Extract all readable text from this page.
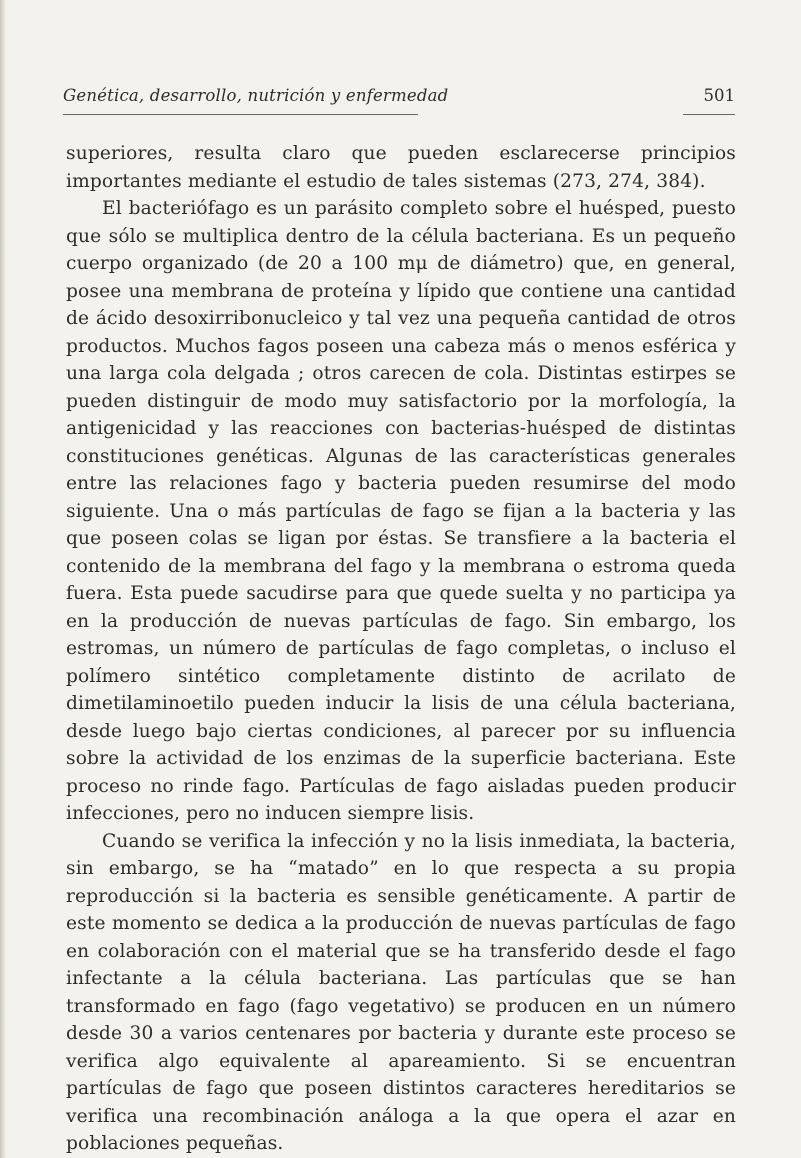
Genética, desarrollo, nutrición y enfermedad	501

superiores, resulta claro que pueden esclarecerse principios importantes mediante el estudio de tales sistemas (273, 274, 384).

El bacteriófago es un parásito completo sobre el huésped, puesto que sólo se multiplica dentro de la célula bacteriana. Es un pequeño cuerpo organizado (de 20 a 100 mμ de diámetro) que, en general, posee una membrana de proteína y lípido que contiene una cantidad de ácido desoxirribonucleico y tal vez una pequeña cantidad de otros productos. Muchos fagos poseen una cabeza más o menos esférica y una larga cola delgada ; otros carecen de cola. Distintas estirpes se pueden distinguir de modo muy satisfactorio por la morfología, la antigenicidad y las reacciones con bacterias-huésped de distintas constituciones genéticas. Algunas de las características generales entre las relaciones fago y bacteria pueden resumirse del modo siguiente. Una o más partículas de fago se fijan a la bacteria y las que poseen colas se ligan por éstas. Se transfiere a la bacteria el contenido de la membrana del fago y la membrana o estroma queda fuera. Esta puede sacudirse para que quede suelta y no participa ya en la producción de nuevas partículas de fago. Sin embargo, los estromas, un número de partículas de fago completas, o incluso el polímero sintético completamente distinto de acrilato de dimetilaminoetilo pueden inducir la lisis de una célula bacteriana, desde luego bajo ciertas condiciones, al parecer por su influencia sobre la actividad de los enzimas de la superficie bacteriana. Este proceso no rinde fago. Partículas de fago aisladas pueden producir infecciones, pero no inducen siempre lisis.

Cuando se verifica la infección y no la lisis inmediata, la bacteria, sin embargo, se ha “matado” en lo que respecta a su propia reproducción si la bacteria es sensible genéticamente. A partir de este momento se dedica a la producción de nuevas partículas de fago en colaboración con el material que se ha transferido desde el fago infectante a la célula bacteriana. Las partículas que se han transformado en fago (fago vegetativo) se producen en un número desde 30 a varios centenares por bacteria y durante este proceso se verifica algo equivalente al apareamiento. Si se encuentran partículas de fago que poseen distintos caracteres hereditarios se verifica una recombinación análoga a la que opera el azar en poblaciones pequeñas.
